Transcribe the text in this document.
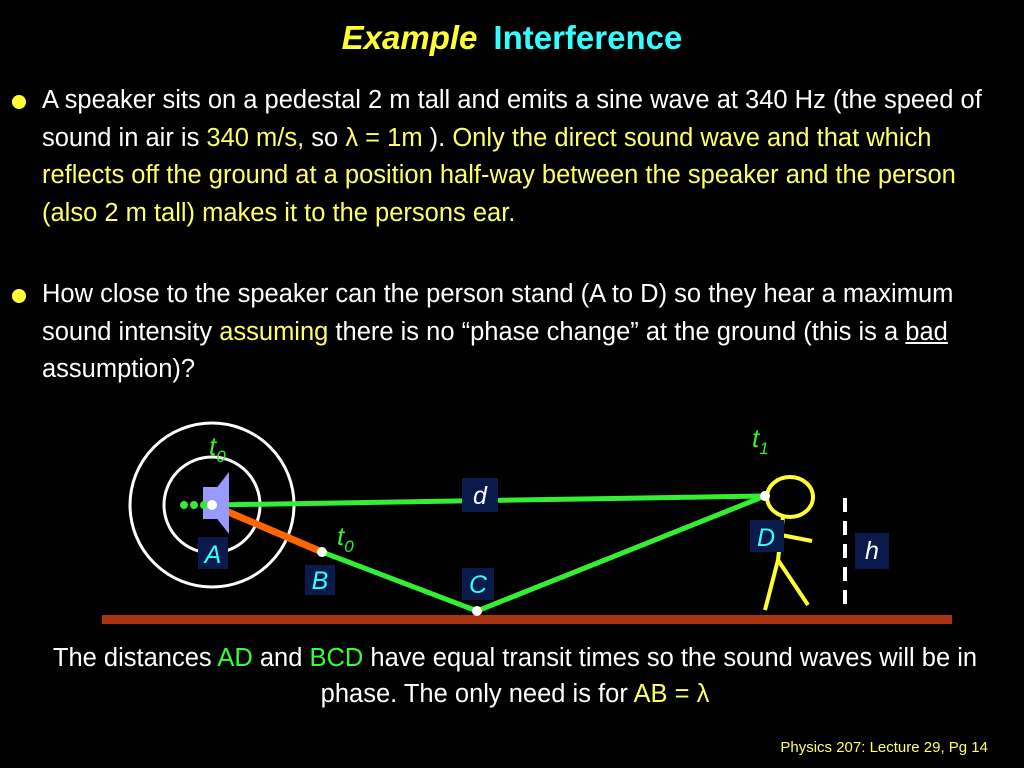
Example Interference
A speaker sits on a pedestal 2 m tall and emits a sine wave at 340 Hz (the speed of sound in air is 340 m/s, so λ = 1m ). Only the direct sound wave and that which reflects off the ground at a position half-way between the speaker and the person (also 2 m tall) makes it to the persons ear.
How close to the speaker can the person stand (A to D) so they hear a maximum sound intensity assuming there is no “phase change” at the ground (this is a bad assumption)?
A
d
B	C
D	h
$t_0$
$t_0$
$t_1$
The distances AD and BCD have equal transit times so the sound waves will be in phase. The only need is for AB = λ
Physics 207: Lecture 29, Pg 14
